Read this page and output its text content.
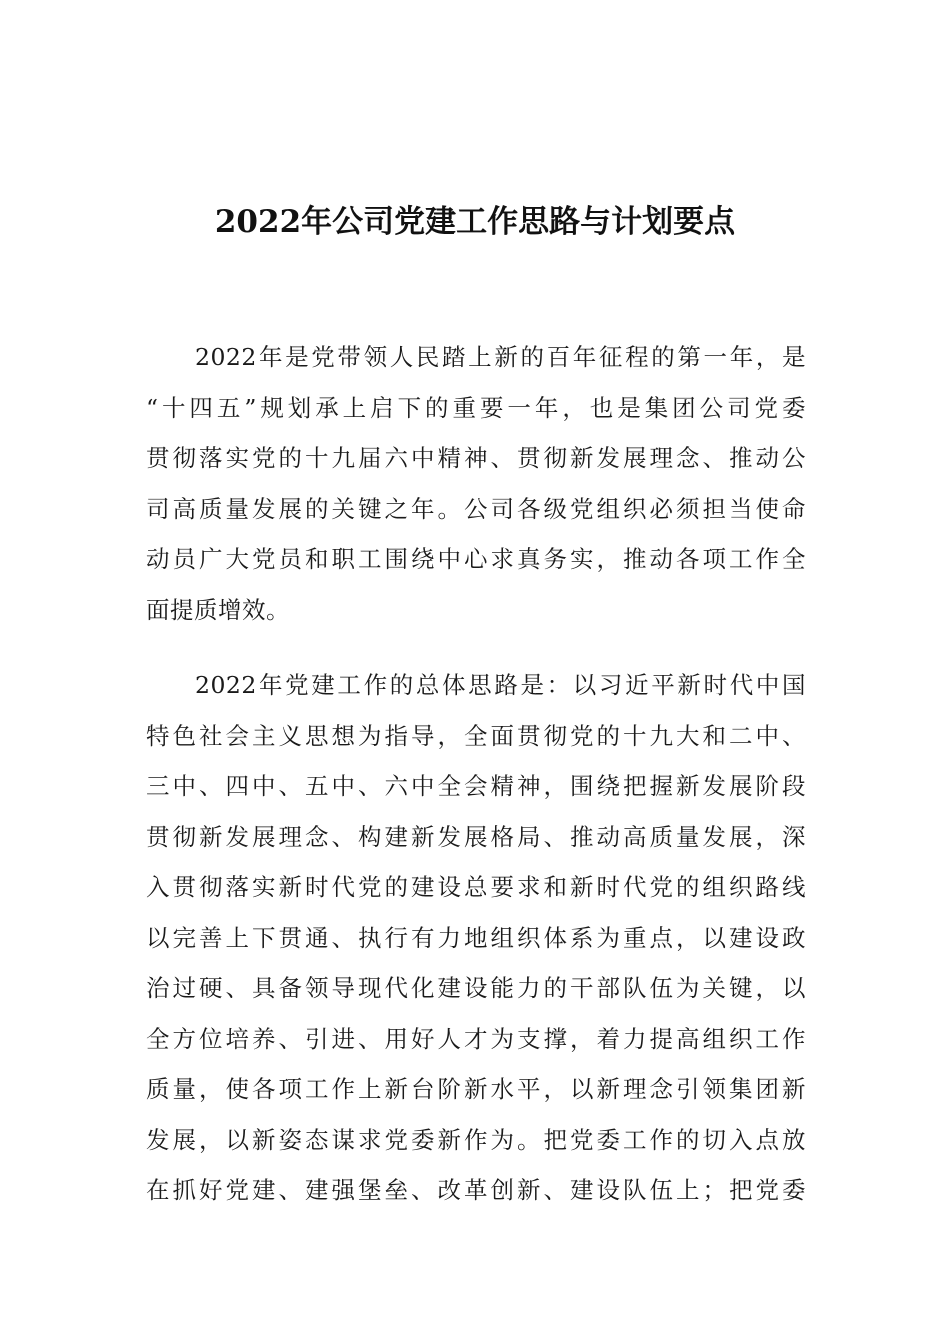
2022年公司党建工作思路与计划要点
2022年是党带领人民踏上新的百年征程的第一年，是
“十四五”规划承上启下的重要一年，也是集团公司党委
贯彻落实党的十九届六中精神、贯彻新发展理念、推动公
司高质量发展的关键之年。公司各级党组织必须担当使命
动员广大党员和职工围绕中心求真务实，推动各项工作全
面提质增效。
2022年党建工作的总体思路是：以习近平新时代中国
特色社会主义思想为指导，全面贯彻党的十九大和二中、
三中、四中、五中、六中全会精神，围绕把握新发展阶段
贯彻新发展理念、构建新发展格局、推动高质量发展，深
入贯彻落实新时代党的建设总要求和新时代党的组织路线
以完善上下贯通、执行有力地组织体系为重点，以建设政
治过硬、具备领导现代化建设能力的干部队伍为关键，以
全方位培养、引进、用好人才为支撑，着力提高组织工作
质量，使各项工作上新台阶新水平，以新理念引领集团新
发展，以新姿态谋求党委新作为。把党委工作的切入点放
在抓好党建、建强堡垒、改革创新、建设队伍上；把党委
